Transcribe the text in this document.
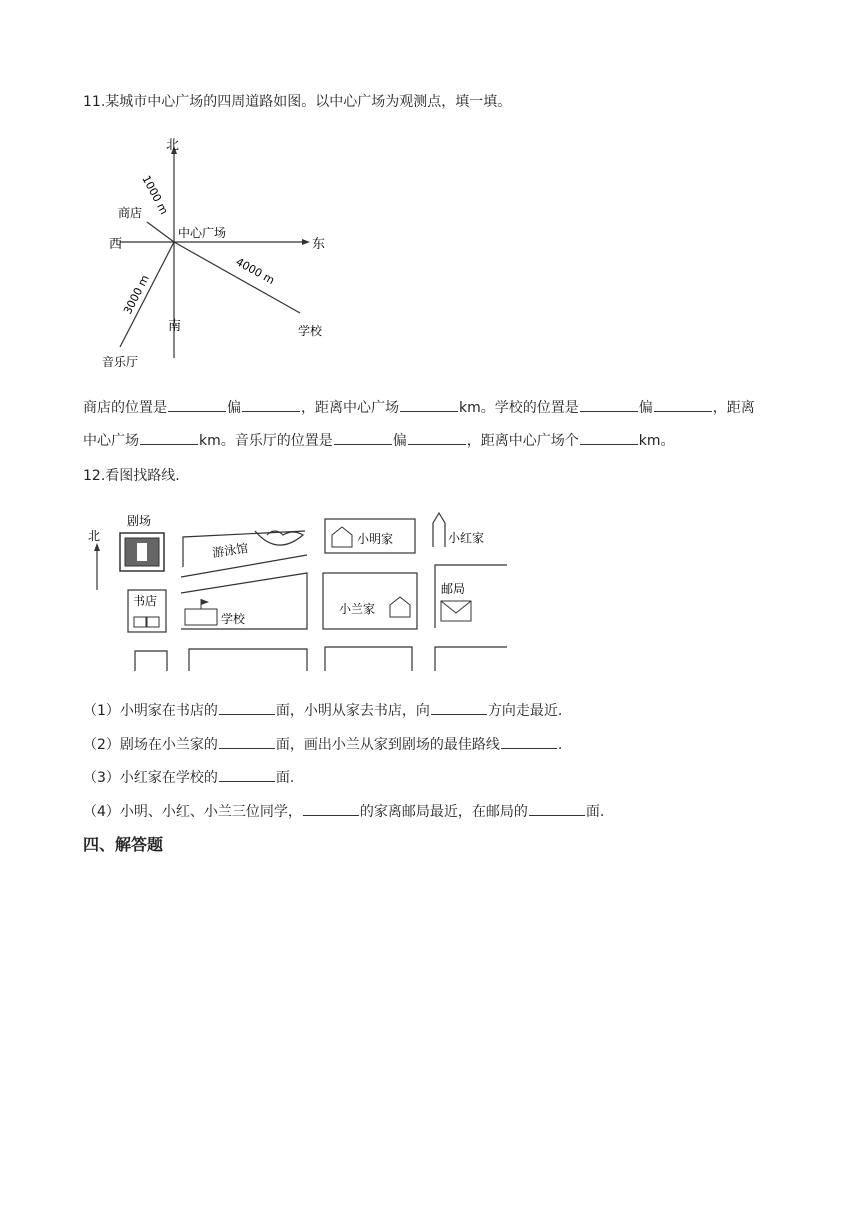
11.某城市中心广场的四周道路如图。以中心广场为观测点，填一填。
北
南
东
西
中心广场
商店
1000 m
4000 m
学校
3000 m
音乐厅
商店的位置是	偏	，距离中心广场	km。学校的位置是	偏	，距离
中心广场	km。音乐厅的位置是	偏	，距离中心广场个	km。
12.看图找路线.
北
剧场
书店
游泳馆
学校
小明家
小兰家
小红家
邮局
（1）小明家在书店的	面，小明从家去书店，向	方向走最近.
（2）剧场在小兰家的	面，画出小兰从家到剧场的最佳路线	.
（3）小红家在学校的	面.
（4）小明、小红、小兰三位同学，	的家离邮局最近，在邮局的	面.
四、解答题
